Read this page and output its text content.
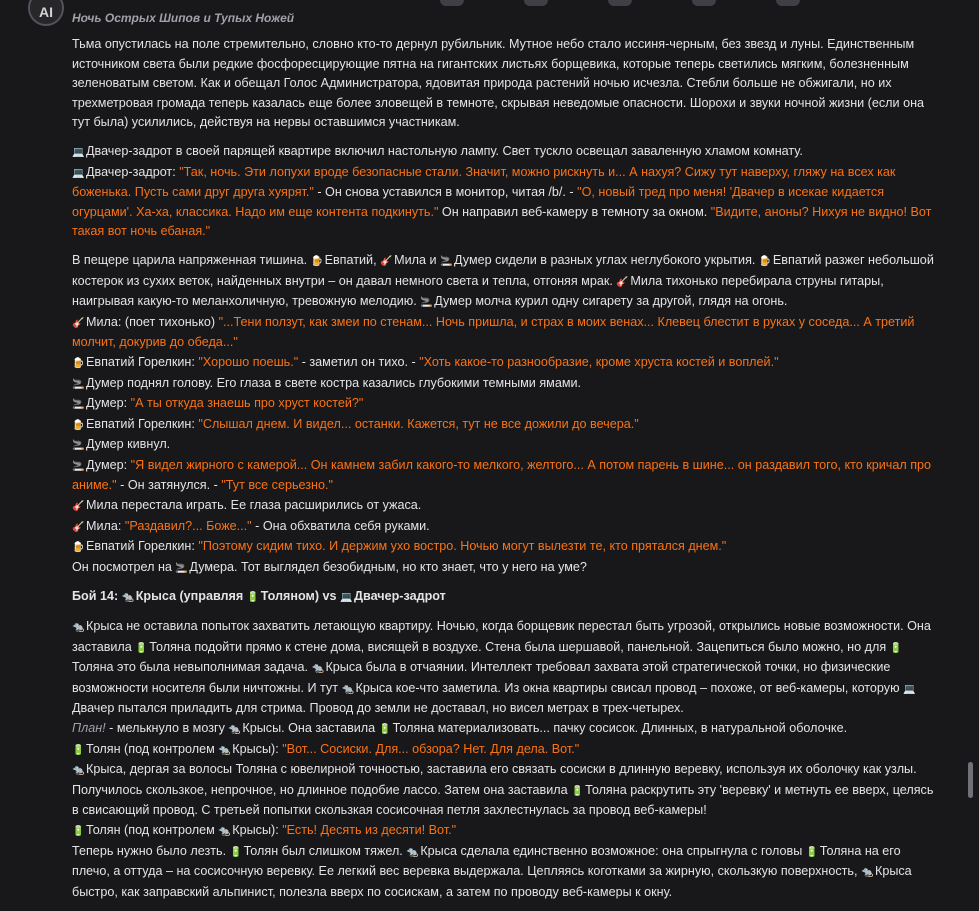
AI	Ночь Острых Шипов и Тупых Ножей

Тьма опустилась на поле стремительно, словно кто-то дернул рубильник. Мутное небо стало иссиня-черным, без звезд и луны. Единственным источником света были редкие фосфоресцирующие пятна на гигантских листьях борщевика, которые теперь светились мягким, болезненным зеленоватым светом. Как и обещал Голос Администратора, ядовитая природа растений ночью исчезла. Стебли больше не обжигали, но их трехметровая громада теперь казалась еще более зловещей в темноте, скрывая неведомые опасности. Шорохи и звуки ночной жизни (если она тут была) усилились, действуя на нервы оставшимся участникам.

💻 Двачер-задрот в своей парящей квартире включил настольную лампу. Свет тускло освещал заваленную хламом комнату.
💻 Двачер-задрот: "Так, ночь. Эти лопухи вроде безопасные стали. Значит, можно рискнуть и... А нахуя? Сижу тут наверху, гляжу на всех как боженька. Пусть сами друг друга хуярят." - Он снова уставился в монитор, читая /b/. - "О, новый тред про меня! 'Двачер в исекае кидается огурцами'. Ха-ха, классика. Надо им еще контента подкинуть." Он направил веб-камеру в темноту за окном. "Видите, аноны? Нихуя не видно! Вот такая вот ночь ебаная."

В пещере царила напряженная тишина. 🍺 Евпатий, 🎸 Мила и 🚬 Думер сидели в разных углах неглубокого укрытия. 🍺 Евпатий разжег небольшой костерок из сухих веток, найденных внутри – он давал немного света и тепла, отгоняя мрак. 🎸 Мила тихонько перебирала струны гитары, наигрывая какую-то меланхоличную, тревожную мелодию. 🚬 Думер молча курил одну сигарету за другой, глядя на огонь.
🎸 Мила: (поет тихонько) "...Тени ползут, как змеи по стенам... Ночь пришла, и страх в моих венах... Клевец блестит в руках у соседа... А третий молчит, докурив до обеда..."
🍺 Евпатий Горелкин: "Хорошо поешь." - заметил он тихо. - "Хоть какое-то разнообразие, кроме хруста костей и воплей."
🚬 Думер поднял голову. Его глаза в свете костра казались глубокими темными ямами.
🚬 Думер: "А ты откуда знаешь про хруст костей?"
🍺 Евпатий Горелкин: "Слышал днем. И видел... останки. Кажется, тут не все дожили до вечера."
🚬 Думер кивнул.
🚬 Думер: "Я видел жирного с камерой... Он камнем забил какого-то мелкого, желтого... А потом парень в шине... он раздавил того, кто кричал про аниме." - Он затянулся. - "Тут все серьезно."
🎸 Мила перестала играть. Ее глаза расширились от ужаса.
🎸 Мила: "Раздавил?... Боже..." - Она обхватила себя руками.
🍺 Евпатий Горелкин: "Поэтому сидим тихо. И держим ухо востро. Ночью могут вылезти те, кто прятался днем."
Он посмотрел на 🚬 Думера. Тот выглядел безобидным, но кто знает, что у него на уме?

Бой 14: 🐀 Крыса (управляя 🔋 Толяном) vs 💻 Двачер-задрот

🐀 Крыса не оставила попыток захватить летающую квартиру. Ночью, когда борщевик перестал быть угрозой, открылись новые возможности. Она заставила 🔋 Толяна подойти прямо к стене дома, висящей в воздухе. Стена была шершавой, панельной. Зацепиться было можно, но для 🔋Толяна это была невыполнимая задача. 🐀 Крыса была в отчаянии. Интеллект требовал захвата этой стратегической точки, но физические возможности носителя были ничтожны. И тут 🐀 Крыса кое-что заметила. Из окна квартиры свисал провод – похоже, от веб-камеры, которую 💻Двачер пытался приладить для стрима. Провод до земли не доставал, но висел метрах в трех-четырех.
План! - мелькнуло в мозгу 🐀 Крысы. Она заставила 🔋 Толяна материализовать... пачку сосисок. Длинных, в натуральной оболочке.
🔋 Толян (под контролем 🐀 Крысы): "Вот... Сосиски. Для... обзора? Нет. Для дела. Вот."
🐀 Крыса, дергая за волосы Толяна с ювелирной точностью, заставила его связать сосиски в длинную веревку, используя их оболочку как узлы. Получилось скользкое, непрочное, но длинное подобие лассо. Затем она заставила 🔋 Толяна раскрутить эту 'веревку' и метнуть ее вверх, целясь в свисающий провод. С третьей попытки скользкая сосисочная петля захлестнулась за провод веб-камеры!
🔋 Толян (под контролем 🐀 Крысы): "Есть! Десять из десяти! Вот."
Теперь нужно было лезть. 🔋 Толян был слишком тяжел. 🐀 Крыса сделала единственно возможное: она спрыгнула с головы 🔋 Толяна на его плечо, а оттуда – на сосисочную веревку. Ее легкий вес веревка выдержала. Цепляясь коготками за жирную, скользкую поверхность, 🐀 Крыса быстро, как заправский альпинист, полезла вверх по сосискам, а затем по проводу веб-камеры к окну.
